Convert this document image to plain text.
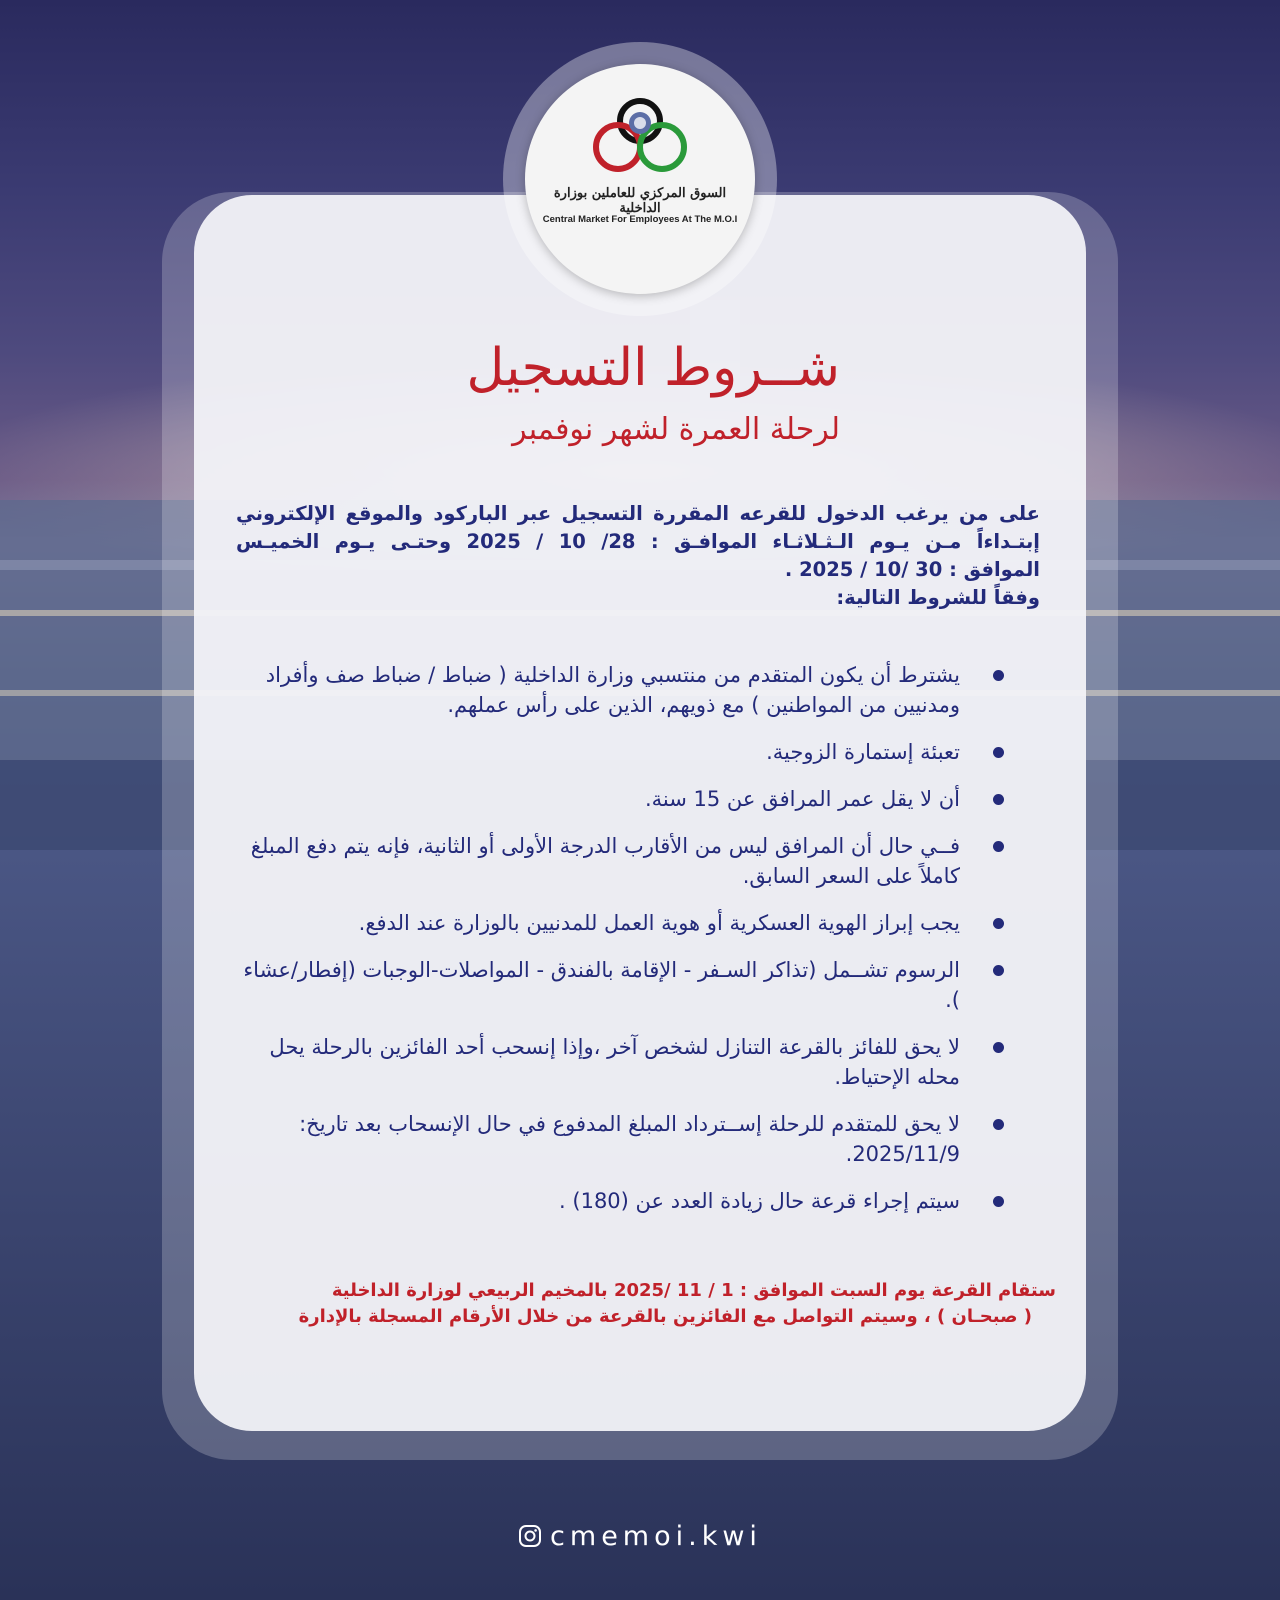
السوق المركزي للعاملين بوزارة الداخلية
Central Market For Employees At The M.O.I
شــروط التسجيل
لرحلة العمرة لشهر نوفمبر

على من يرغب الدخول للقرعه المقررة التسجيل عبر الباركود والموقع الإلكتروني

إبتـداءاً مـن يـوم الـثـلاثـاء الموافـق : 28/ 10 / 2025 وحتـى يـوم الخميـس

الموافق : 30 /10 / 2025 .

وفقاً للشروط التالية:

يشترط أن يكون المتقدم من منتسبي وزارة الداخلية ( ضباط / ضباط صف وأفراد ومدنيين من المواطنين ) مع ذويهم، الذين على رأس عملهم.
تعبئة إستمارة الزوجية.
أن لا يقل عمر المرافق عن 15 سنة.
فــي حال أن المرافق ليس من الأقارب الدرجة الأولى أو الثانية، فإنه يتم دفع المبلغ كاملاً على السعر السابق.
يجب إبراز الهوية العسكرية أو هوية العمل للمدنيين بالوزارة عند الدفع.
الرسوم تشــمل (تذاكر السـفر - الإقامة بالفندق - المواصلات-الوجبات (إفطار/عشاء ).
لا يحق للفائز بالقرعة التنازل لشخص آخر ،وإذا إنسحب أحد الفائزين بالرحلة يحل محله الإحتياط.
لا يحق للمتقدم للرحلة إســترداد المبلغ المدفوع في حال الإنسحاب بعد تاريخ: 2025/11/9.
سيتم إجراء قرعة حال زيادة العدد عن (180) .

ستقام القرعة يوم السبت الموافق : 1 / 11 /2025 بالمخيم الربيعي لوزارة الداخلية

( صبحـان ) ، وسيتم التواصل مع الفائزين بالقرعة من خلال الأرقام المسجلة بالإدارة

cmemoi.kwi
